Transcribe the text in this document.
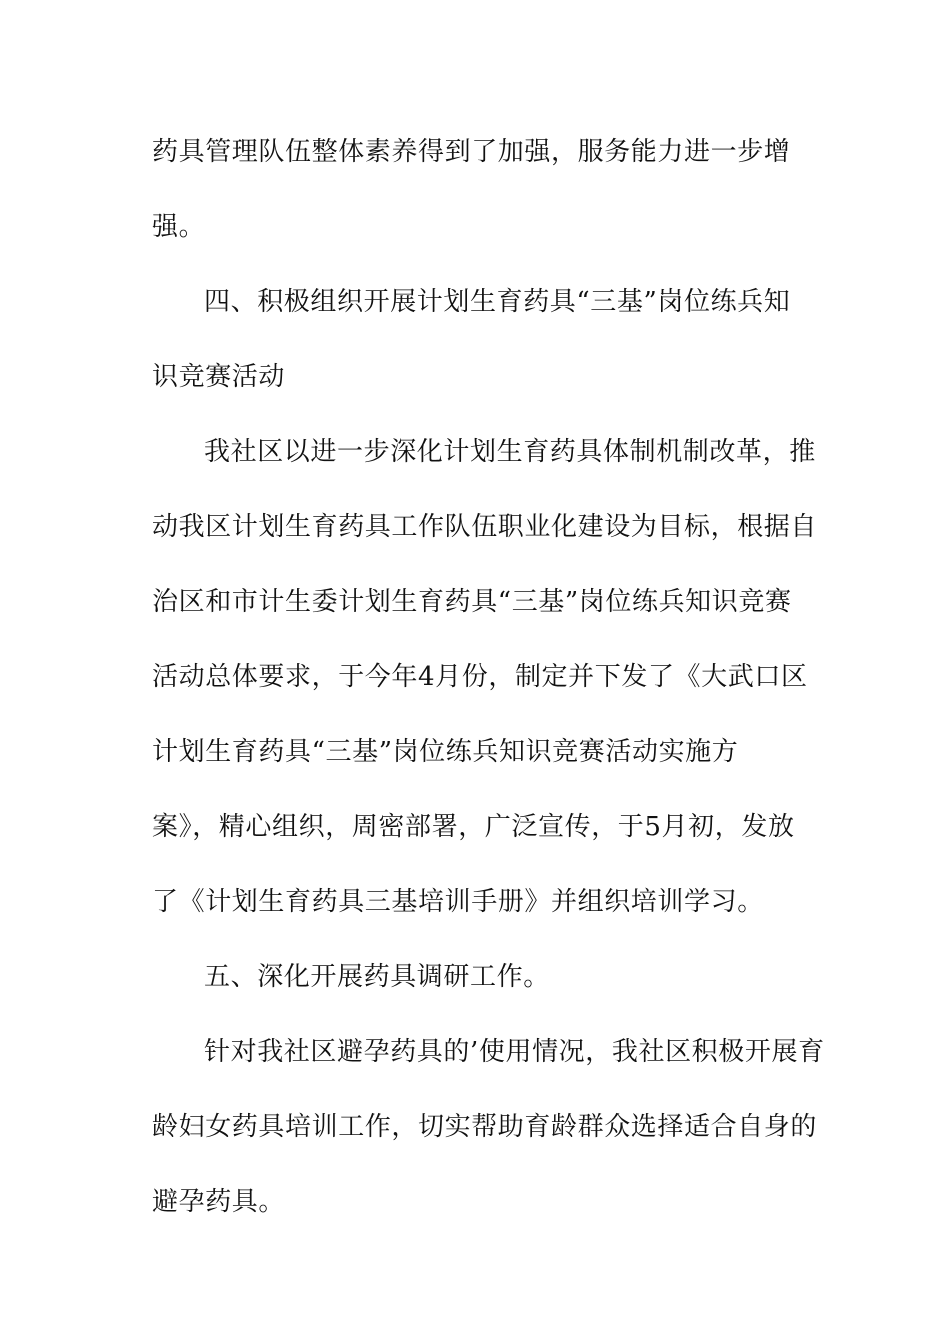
药具管理队伍整体素养得到了加强，服务能力进一步增
强。
四、积极组织开展计划生育药具“三基”岗位练兵知
识竞赛活动
我社区以进一步深化计划生育药具体制机制改革，推
动我区计划生育药具工作队伍职业化建设为目标，根据自
治区和市计生委计划生育药具“三基”岗位练兵知识竞赛
活动总体要求，于今年4月份，制定并下发了《大武口区
计划生育药具“三基”岗位练兵知识竞赛活动实施方
案》，精心组织，周密部署，广泛宣传，于5月初，发放
了《计划生育药具三基培训手册》并组织培训学习。
五、深化开展药具调研工作。
针对我社区避孕药具的’使用情况，我社区积极开展育
龄妇女药具培训工作，切实帮助育龄群众选择适合自身的
避孕药具。
